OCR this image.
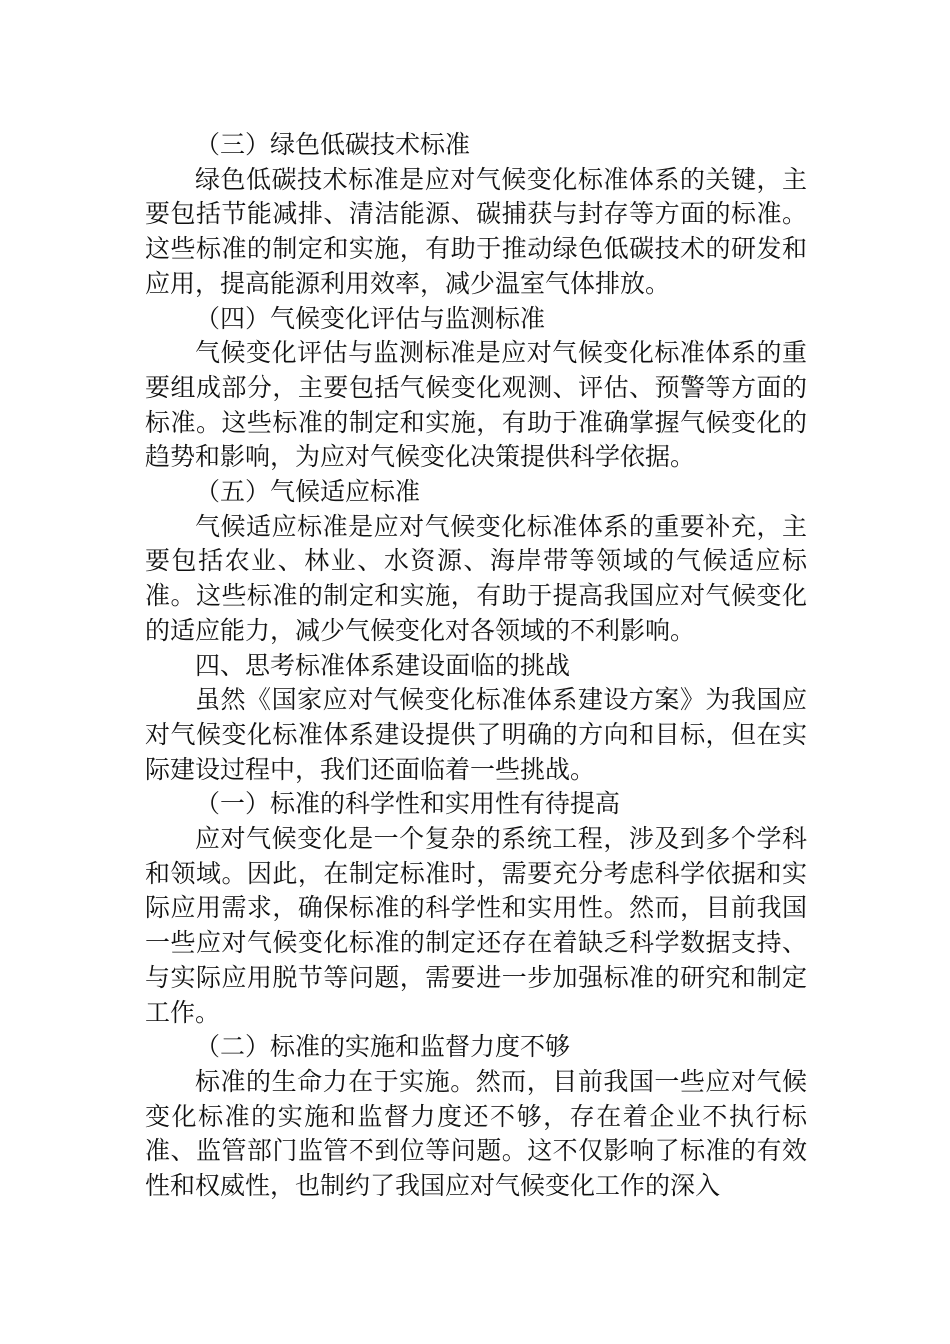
（三）绿色低碳技术标准

绿色低碳技术标准是应对气候变化标准体系的关键，主要包括节能减排、清洁能源、碳捕获与封存等方面的标准。这些标准的制定和实施，有助于推动绿色低碳技术的研发和应用，提高能源利用效率，减少温室气体排放。

（四）气候变化评估与监测标准

气候变化评估与监测标准是应对气候变化标准体系的重要组成部分，主要包括气候变化观测、评估、预警等方面的标准。这些标准的制定和实施，有助于准确掌握气候变化的趋势和影响，为应对气候变化决策提供科学依据。

（五）气候适应标准

气候适应标准是应对气候变化标准体系的重要补充，主要包括农业、林业、水资源、海岸带等领域的气候适应标准。这些标准的制定和实施，有助于提高我国应对气候变化的适应能力，减少气候变化对各领域的不利影响。

四、思考标准体系建设面临的挑战

虽然《国家应对气候变化标准体系建设方案》为我国应对气候变化标准体系建设提供了明确的方向和目标，但在实际建设过程中，我们还面临着一些挑战。

（一）标准的科学性和实用性有待提高

应对气候变化是一个复杂的系统工程，涉及到多个学科和领域。因此，在制定标准时，需要充分考虑科学依据和实际应用需求，确保标准的科学性和实用性。然而，目前我国一些应对气候变化标准的制定还存在着缺乏科学数据支持、与实际应用脱节等问题，需要进一步加强标准的研究和制定工作。

（二）标准的实施和监督力度不够

标准的生命力在于实施。然而，目前我国一些应对气候变化标准的实施和监督力度还不够，存在着企业不执行标准、监管部门监管不到位等问题。这不仅影响了标准的有效性和权威性，也制约了我国应对气候变化工作的深入
